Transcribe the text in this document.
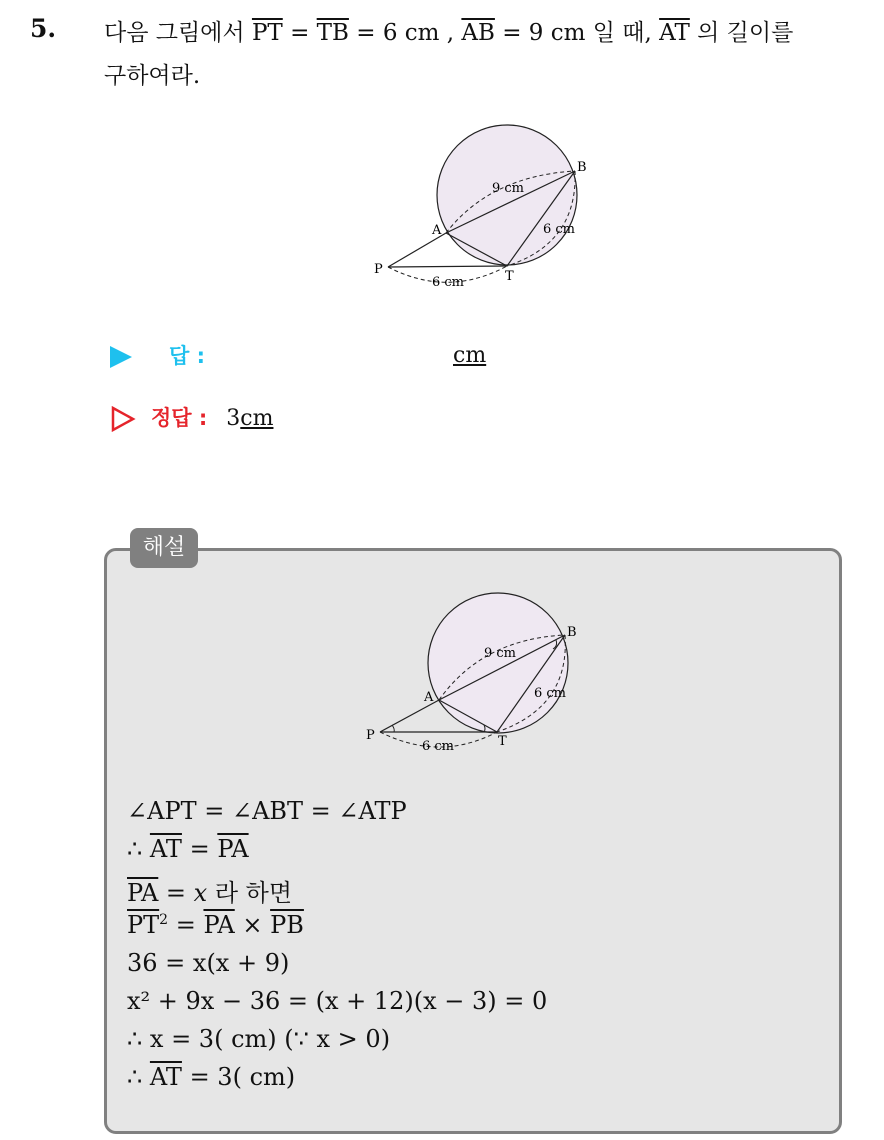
5. 다음 그림에서 $\overline{PT} = \overline{TB} = 6$ cm , $\overline{AB} = 9$ cm 일 때, $\overline{AT}$ 의 길이를
구하여라.
A
B
P	T
9 cm
6 cm
6 cm
답 :	cm
정답 : 3cm
해설
A
B
P	T
9 cm
6 cm
6 cm
∠APT = ∠ABT = ∠ATP
∴ $\overline{AT} = \overline{PA}$
$\overline{PA} = x$ 라 하면
$\overline{PT}^2 = \overline{PA} \times \overline{PB}$
36 = x(x + 9)
x² + 9x − 36 = (x + 12)(x − 3) = 0
∴ x = 3( cm) (∵ x > 0)
∴ $\overline{AT} = 3$( cm)
